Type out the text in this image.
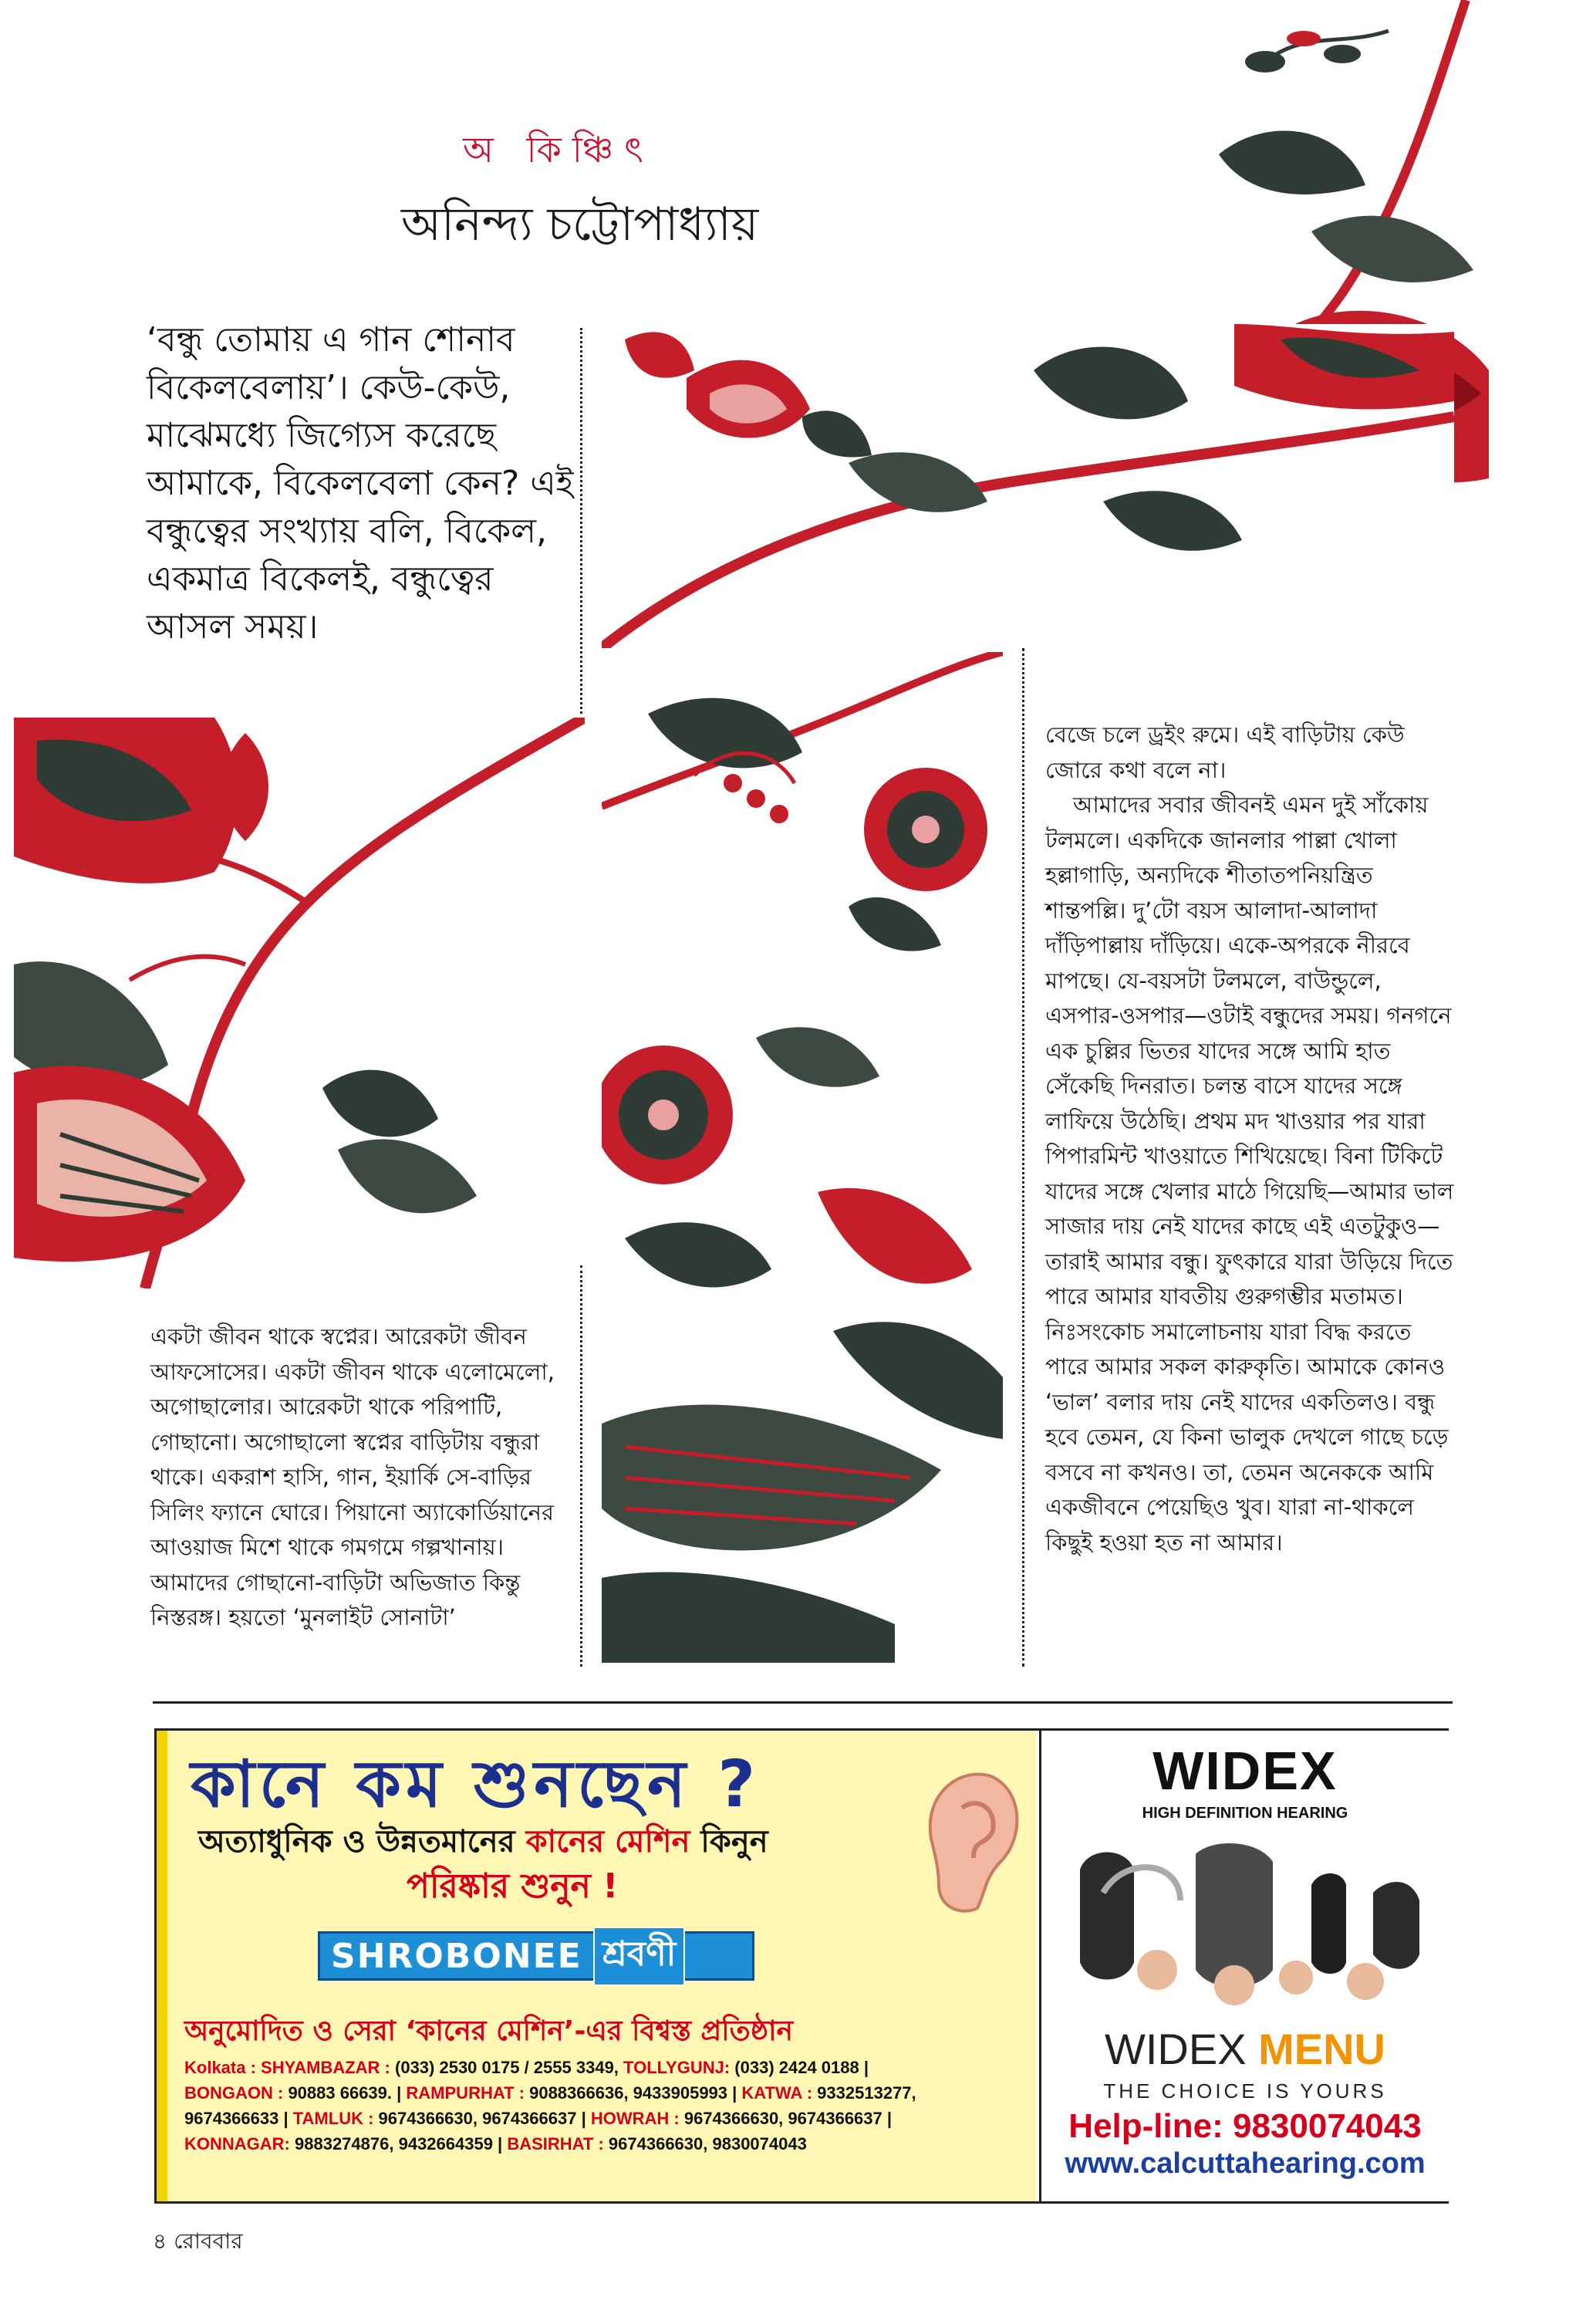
অ কিঞ্চিৎ
অনিন্দ্য চট্টোপাধ্যায়
‘বন্ধু তোমায় এ গান শোনাব বিকেলবেলায়’। কেউ-কেউ, মাঝেমধ্যে জিগ্যেস করেছে আমাকে, বিকেলবেলা কেন? এই বন্ধুত্বের সংখ্যায় বলি, বিকেল, একমাত্র বিকেলই, বন্ধুত্বের আসল সময়।

একটা জীবন থাকে স্বপ্নের। আরেকটা জীবন আফসোসের। একটা জীবন থাকে এলোমেলো, অগোছালোর। আরেকটা থাকে পরিপাটি, গোছানো। অগোছালো স্বপ্নের বাড়িটায় বন্ধুরা থাকে। একরাশ হাসি, গান, ইয়ার্কি সে-বাড়ির সিলিং ফ্যানে ঘোরে। পিয়ানো অ্যাকোর্ডিয়ানের আওয়াজ মিশে থাকে গমগমে গল্পখানায়। আমাদের গোছানো-বাড়িটা অভিজাত কিন্তু নিস্তরঙ্গ। হয়তো ‘মুনলাইট সোনাটা’

বেজে চলে ড্রইং রুমে। এই বাড়িটায় কেউ জোরে কথা বলে না।

আমাদের সবার জীবনই এমন দুই সাঁকোয় টলমলে। একদিকে জানলার পাল্লা খোলা হল্লাগাড়ি, অন্যদিকে শীতাতপনিয়ন্ত্রিত শান্তপল্লি। দু’টো বয়স আলাদা-আলাদা দাঁড়িপাল্লায় দাঁড়িয়ে। একে-অপরকে নীরবে মাপছে। যে-বয়সটা টলমলে, বাউন্ডুলে, এসপার-ওসপার—ওটাই বন্ধুদের সময়। গনগনে এক চুল্লির ভিতর যাদের সঙ্গে আমি হাত সেঁকেছি দিনরাত। চলন্ত বাসে যাদের সঙ্গে লাফিয়ে উঠেছি। প্রথম মদ খাওয়ার পর যারা পিপারমিন্ট খাওয়াতে শিখিয়েছে। বিনা টিকিটে যাদের সঙ্গে খেলার মাঠে গিয়েছি—আমার ভাল সাজার দায় নেই যাদের কাছে এই এতটুকুও—তারাই আমার বন্ধু। ফুৎকারে যারা উড়িয়ে দিতে পারে আমার যাবতীয় গুরুগম্ভীর মতামত। নিঃসংকোচ সমালোচনায় যারা বিদ্ধ করতে পারে আমার সকল কারুকৃতি। আমাকে কোনও ‘ভাল’ বলার দায় নেই যাদের একতিলও। বন্ধু হবে তেমন, যে কিনা ভালুক দেখলে গাছে চড়ে বসবে না কখনও। তা, তেমন অনেককে আমি একজীবনে পেয়েছিও খুব। যারা না-থাকলে কিছুই হওয়া হত না আমার।

কানে কম শুনছেন ?
অত্যাধুনিক ও উন্নতমানের কানের মেশিন কিনুন
পরিষ্কার শুনুন !
SHROBONEE শ্রবণী
অনুমোদিত ও সেরা ‘কানের মেশিন’-এর বিশ্বস্ত প্রতিষ্ঠান
Kolkata : SHYAMBAZAR : (033) 2530 0175 / 2555 3349, TOLLYGUNJ: (033) 2424 0188 |
BONGAON : 90883 66639. | RAMPURHAT : 9088366636, 9433905993 | KATWA : 9332513277,
9674366633 | TAMLUK : 9674366630, 9674366637 | HOWRAH : 9674366630, 9674366637 |
KONNAGAR: 9883274876, 9432664359 | BASIRHAT : 9674366630, 9830074043
WIDEX
HIGH DEFINITION HEARING
WIDEX MENU
THE CHOICE IS YOURS
Help-line: 9830074043
www.calcuttahearing.com
৪ রোববার
